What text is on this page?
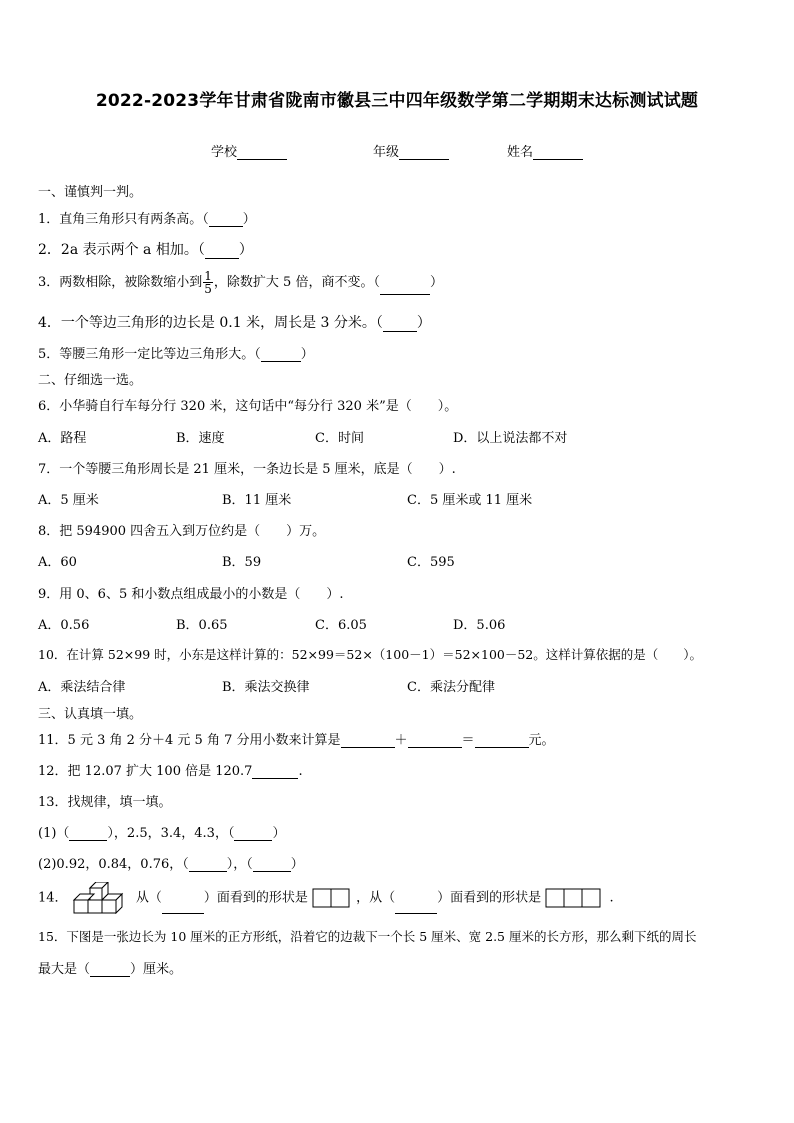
2022-2023学年甘肃省陇南市徽县三中四年级数学第二学期期末达标测试试题
学校	年级	姓名
一、谨慎判一判。
1．直角三角形只有两条高。（	）
2．2a 表示两个 a 相加。（ ）
3．两数相除，被除数缩小到 $\frac{1}{5}$ ，除数扩大 5 倍，商不变。（	）
4．一个等边三角形的边长是 0.1 米，周长是 3 分米。（ ）
5．等腰三角形一定比等边三角形大。（	）
二、仔细选一选。
6．小华骑自行车每分行 320 米，这句话中“每分行 320 米”是（　　）。
A．路程	B．速度	C．时间	D．以上说法都不对
7．一个等腰三角形周长是 21 厘米，一条边长是 5 厘米，底是（　　）.
A．5 厘米	B．11 厘米	C．5 厘米或 11 厘米
8．把 594900 四舍五入到万位约是（　　）万。
A．60	B．59	C．595
9．用 0、6、5 和小数点组成最小的小数是（　　）.
A．0.56	B．0.65	C．6.05	D．5.06
10．在计算 52×99 时，小东是这样计算的：52×99＝52×（100－1）＝52×100－52。这样计算依据的是（　　）。
A．乘法结合律	B．乘法交换律	C．乘法分配律
三、认真填一填。
11．5 元 3 角 2 分＋4 元 5 角 7 分用小数来计算是	＋	＝	元。
12．把 12.07 扩大 100 倍是 120.7	.
13．找规律，填一填。
(1)（	），2.5，3.4，4.3，（	）
(2)0.92，0.84，0.76，（	），（	）
14．	从（	）面看到的形状是	，从（	）面看到的形状是	.
15．下图是一张边长为 10 厘米的正方形纸，沿着它的边裁下一个长 5 厘米、宽 2.5 厘米的长方形，那么剩下纸的周长
最大是（	）厘米。
